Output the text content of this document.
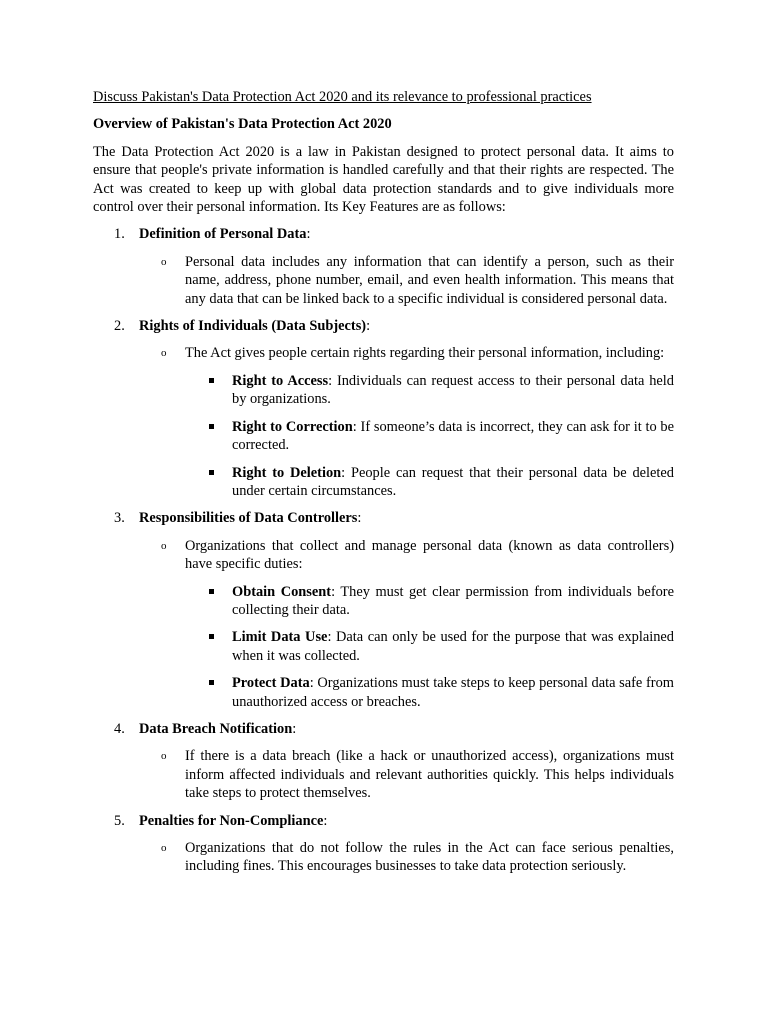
Discuss Pakistan's Data Protection Act 2020 and its relevance to professional practices
Overview of Pakistan's Data Protection Act 2020
The Data Protection Act 2020 is a law in Pakistan designed to protect personal data. It aims to ensure that people's private information is handled carefully and that their rights are respected. The Act was created to keep up with global data protection standards and to give individuals more control over their personal information. Its Key Features are as follows:
1. Definition of Personal Data:
o Personal data includes any information that can identify a person, such as their name, address, phone number, email, and even health information. This means that any data that can be linked back to a specific individual is considered personal data.
2. Rights of Individuals (Data Subjects):
o The Act gives people certain rights regarding their personal information, including:
Right to Access: Individuals can request access to their personal data held by organizations.
Right to Correction: If someone’s data is incorrect, they can ask for it to be corrected.
Right to Deletion: People can request that their personal data be deleted under certain circumstances.
3. Responsibilities of Data Controllers:
o Organizations that collect and manage personal data (known as data controllers) have specific duties:
Obtain Consent: They must get clear permission from individuals before collecting their data.
Limit Data Use: Data can only be used for the purpose that was explained when it was collected.
Protect Data: Organizations must take steps to keep personal data safe from unauthorized access or breaches.
4. Data Breach Notification:
o If there is a data breach (like a hack or unauthorized access), organizations must inform affected individuals and relevant authorities quickly. This helps individuals take steps to protect themselves.
5. Penalties for Non-Compliance:
o Organizations that do not follow the rules in the Act can face serious penalties, including fines. This encourages businesses to take data protection seriously.
